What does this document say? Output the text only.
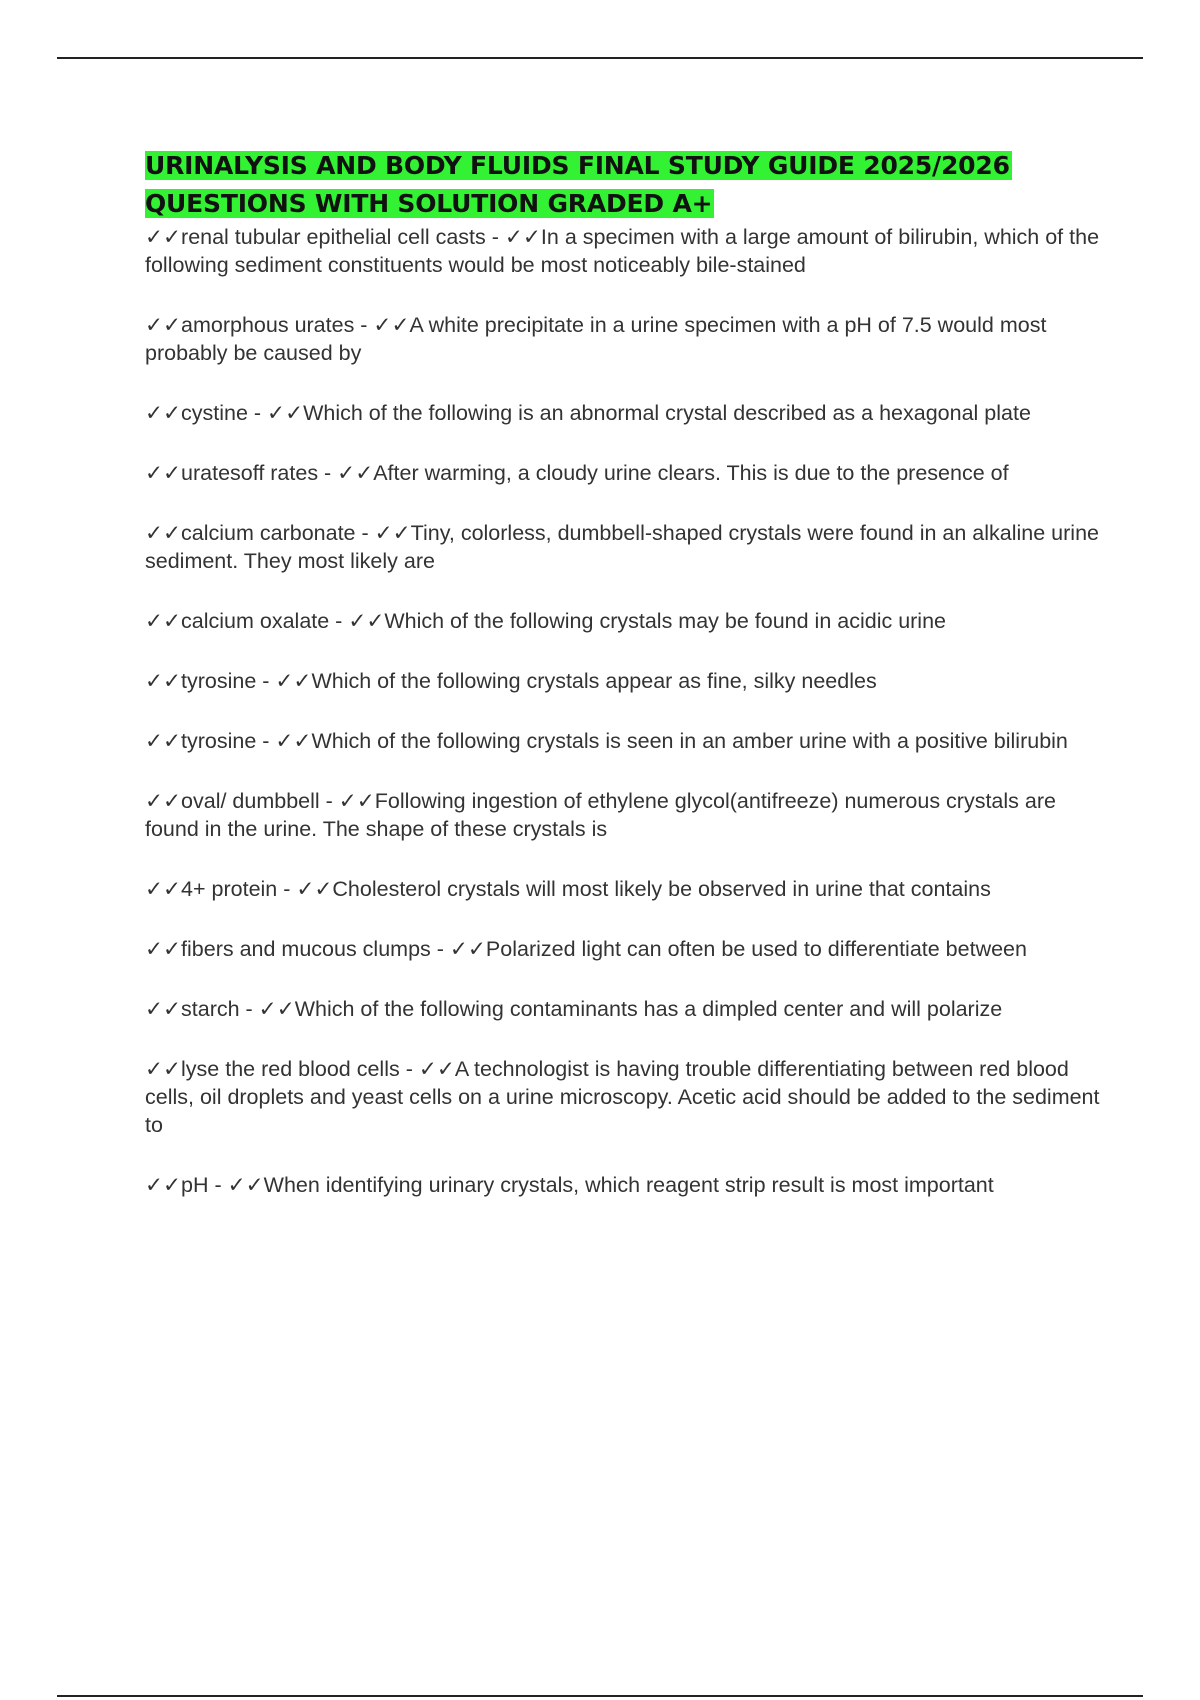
URINALYSIS AND BODY FLUIDS FINAL STUDY GUIDE 2025/2026 QUESTIONS WITH SOLUTION GRADED A+
✓✓renal tubular epithelial cell casts - ✓✓In a specimen with a large amount of bilirubin, which of the following sediment constituents would be most noticeably bile-stained
✓✓amorphous urates - ✓✓A white precipitate in a urine specimen with a pH of 7.5 would most probably be caused by
✓✓cystine - ✓✓Which of the following is an abnormal crystal described as a hexagonal plate
✓✓uratesoff rates - ✓✓After warming, a cloudy urine clears. This is due to the presence of
✓✓calcium carbonate - ✓✓Tiny, colorless, dumbbell-shaped crystals were found in an alkaline urine sediment. They most likely are
✓✓calcium oxalate - ✓✓Which of the following crystals may be found in acidic urine
✓✓tyrosine - ✓✓Which of the following crystals appear as fine, silky needles
✓✓tyrosine - ✓✓Which of the following crystals is seen in an amber urine with a positive bilirubin
✓✓oval/ dumbbell - ✓✓Following ingestion of ethylene glycol(antifreeze) numerous crystals are found in the urine. The shape of these crystals is
✓✓4+ protein - ✓✓Cholesterol crystals will most likely be observed in urine that contains
✓✓fibers and mucous clumps - ✓✓Polarized light can often be used to differentiate between
✓✓starch - ✓✓Which of the following contaminants has a dimpled center and will polarize
✓✓lyse the red blood cells - ✓✓A technologist is having trouble differentiating between red blood cells, oil droplets and yeast cells on a urine microscopy. Acetic acid should be added to the sediment to
✓✓pH - ✓✓When identifying urinary crystals, which reagent strip result is most important
